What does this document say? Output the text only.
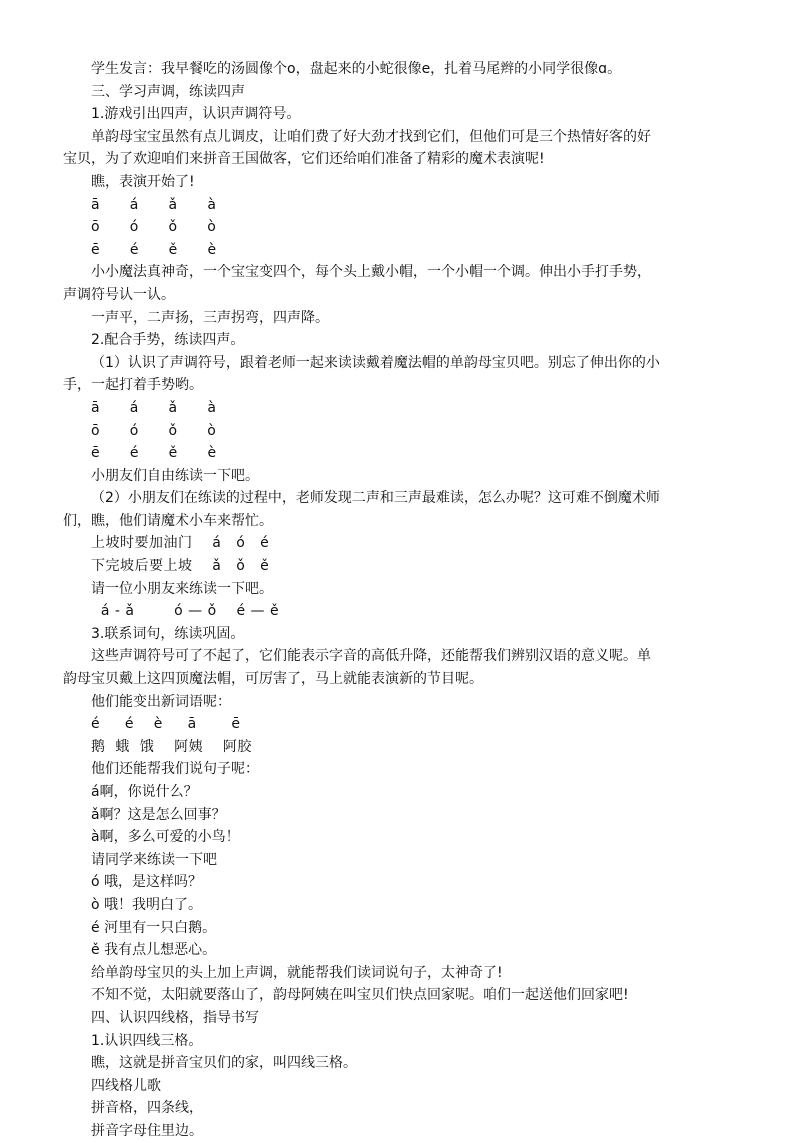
学生发言：我早餐吃的汤圆像个o，盘起来的小蛇很像e，扎着马尾辫的小同学很像ɑ。
三、学习声调，练读四声
1.游戏引出四声，认识声调符号。
单韵母宝宝虽然有点儿调皮，让咱们费了好大劲才找到它们，但他们可是三个热情好客的好
宝贝，为了欢迎咱们来拼音王国做客，它们还给咱们准备了精彩的魔术表演呢!
瞧，表演开始了!
ā      á      ǎ      à
ō      ó      ǒ      ò
ē      é      ě      è
小小魔法真神奇，一个宝宝变四个，每个头上戴小帽，一个小帽一个调。伸出小手打手势，
声调符号认一认。
一声平，二声扬，三声拐弯，四声降。
2.配合手势，练读四声。
（1）认识了声调符号，跟着老师一起来读读戴着魔法帽的单韵母宝贝吧。别忘了伸出你的小
手，一起打着手势哟。
ā      á      ǎ      à
ō      ó      ǒ      ò
ē      é      ě      è
小朋友们自由练读一下吧。
（2）小朋友们在练读的过程中，老师发现二声和三声最难读，怎么办呢？这可难不倒魔术师
们，瞧，他们请魔术小车来帮忙。
上坡时要加油门    á   ó   é
下完坡后要上坡    ǎ   ǒ   ě
请一位小朋友来练读一下吧。
á - ǎ        ó — ǒ    é — ě
3.联系词句，练读巩固。
这些声调符号可了不起了，它们能表示字音的高低升降，还能帮我们辨别汉语的意义呢。单
韵母宝贝戴上这四顶魔法帽，可厉害了，马上就能表演新的节目呢。
他们能变出新词语呢：
é     é    è     ā       ē
鹅  蛾  饿    阿姨    阿胶
他们还能帮我们说句子呢：
á啊，你说什么？
ǎ啊？这是怎么回事？
à啊，多么可爱的小鸟！
请同学来练读一下吧
ó 哦，是这样吗？
ò 哦！我明白了。
é 河里有一只白鹅。
ě 我有点儿想恶心。
给单韵母宝贝的头上加上声调，就能帮我们读词说句子，太神奇了!
不知不觉，太阳就要落山了，韵母阿姨在叫宝贝们快点回家呢。咱们一起送他们回家吧!
四、认识四线格，指导书写
1.认识四线三格。
瞧，这就是拼音宝贝们的家，叫四线三格。
四线格儿歌
拼音格，四条线，
拼音字母住里边。
